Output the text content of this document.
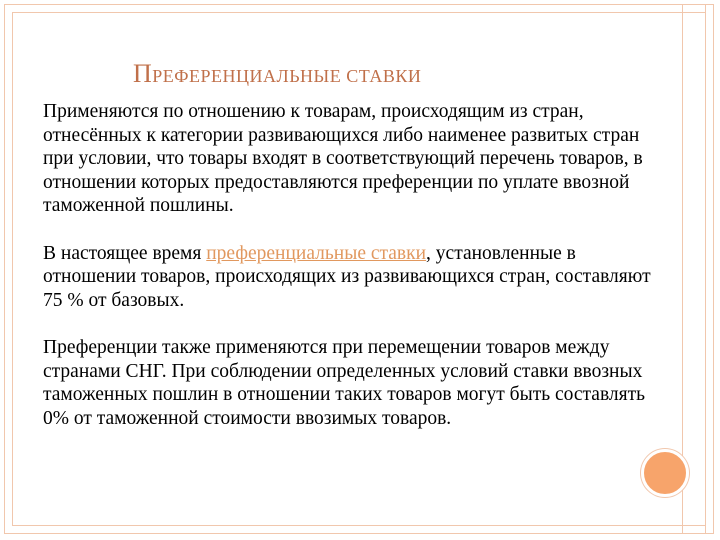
ПРЕФЕРЕНЦИАЛЬНЫЕ СТАВКИ

Применяются по отношению к товарам, происходящим из стран, отнесённых к категории развивающихся либо наименее развитых стран при условии, что товары входят в соответствующий перечень товаров, в отношении которых предоставляются преференции по уплате ввозной таможенной пошлины.

В настоящее время преференциальные ставки, установленные в отношении товаров, происходящих из развивающихся стран, составляют 75 % от базовых.

Преференции также применяются при перемещении товаров между странами СНГ. При соблюдении определенных условий ставки ввозных таможенных пошлин в отношении таких товаров могут быть составлять 0% от таможенной стоимости ввозимых товаров.
